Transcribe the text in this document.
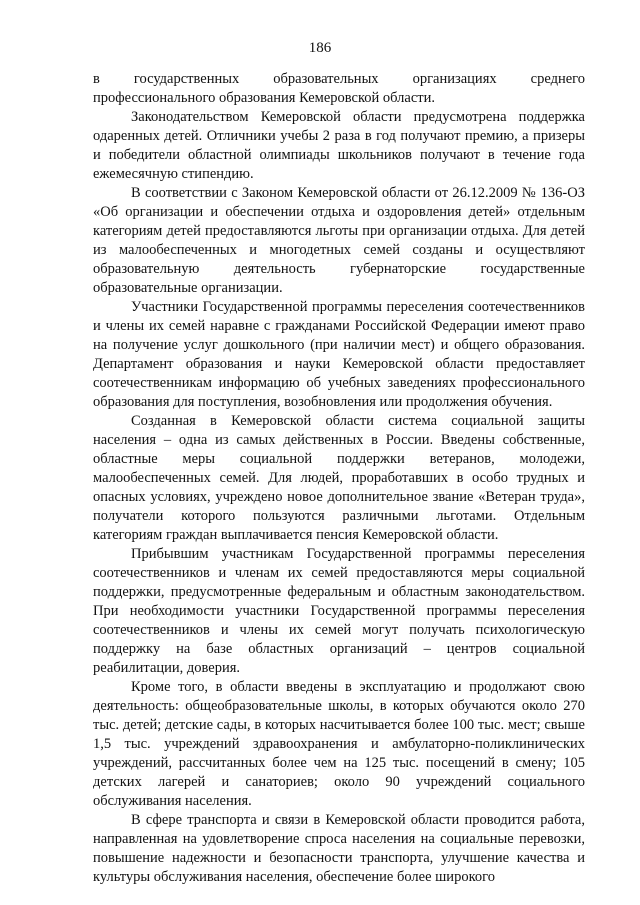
186

в государственных образовательных организациях среднего профессионального образования Кемеровской области.

Законодательством Кемеровской области предусмотрена поддержка одаренных детей. Отличники учебы 2 раза в год получают премию, а призеры и победители областной олимпиады школьников получают в течение года ежемесячную стипендию.

В соответствии с Законом Кемеровской области от 26.12.2009 № 136-ОЗ «Об организации и обеспечении отдыха и оздоровления детей» отдельным категориям детей предоставляются льготы при организации отдыха. Для детей из малообеспеченных и многодетных семей созданы и осуществляют образовательную деятельность губернаторские государственные образовательные организации.

Участники Государственной программы переселения соотечественников и члены их семей наравне с гражданами Российской Федерации имеют право на получение услуг дошкольного (при наличии мест) и общего образования. Департамент образования и науки Кемеровской области предоставляет соотечественникам информацию об учебных заведениях профессионального образования для поступления, возобновления или продолжения обучения.

Созданная в Кемеровской области система социальной защиты населения – одна из самых действенных в России. Введены собственные, областные меры социальной поддержки ветеранов, молодежи, малообеспеченных семей. Для людей, проработавших в особо трудных и опасных условиях, учреждено новое дополнительное звание «Ветеран труда», получатели которого пользуются различными льготами. Отдельным категориям граждан выплачивается пенсия Кемеровской области.

Прибывшим участникам Государственной программы переселения соотечественников и членам их семей предоставляются меры социальной поддержки, предусмотренные федеральным и областным законодательством. При необходимости участники Государственной программы переселения соотечественников и члены их семей могут получать психологическую поддержку на базе областных организаций – центров социальной реабилитации, доверия.

Кроме того, в области введены в эксплуатацию и продолжают свою деятельность: общеобразовательные школы, в которых обучаются около 270 тыс. детей; детские сады, в которых насчитывается более 100 тыс. мест; свыше 1,5 тыс. учреждений здравоохранения и амбулаторно-поликлинических учреждений, рассчитанных более чем на 125 тыс. посещений в смену; 105 детских лагерей и санаториев; около 90 учреждений социального обслуживания населения.

В сфере транспорта и связи в Кемеровской области проводится работа, направленная на удовлетворение спроса населения на социальные перевозки, повышение надежности и безопасности транспорта, улучшение качества и культуры обслуживания населения, обеспечение более широкого
